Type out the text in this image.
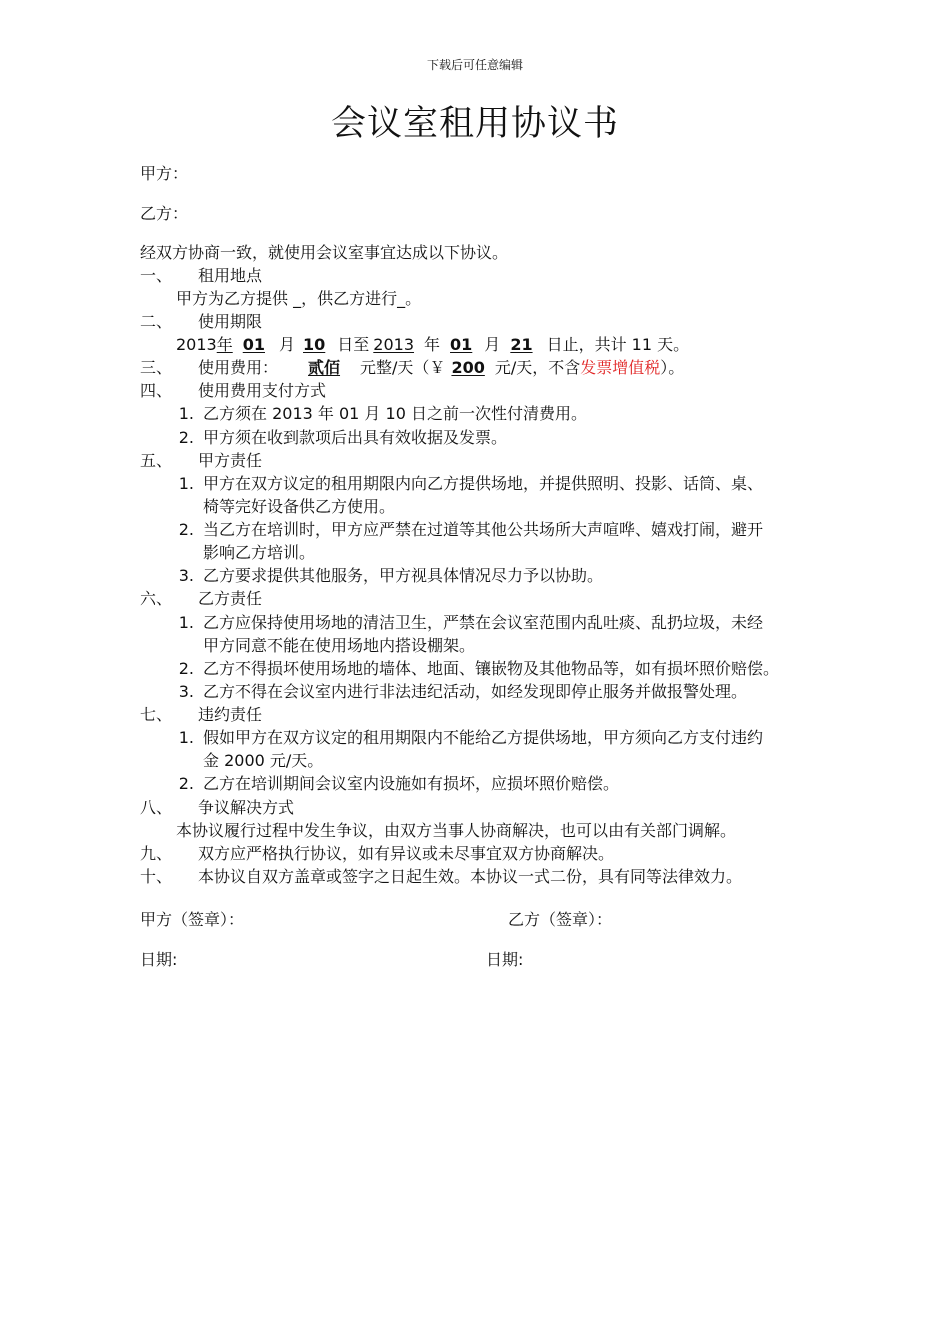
下载后可任意编辑
会议室租用协议书
甲方：
乙方：
经双方协商一致，就使用会议室事宜达成以下协议。
一、 租用地点
甲方为乙方提供 _，供乙方进行_。
二、 使用期限
2013年 01 月 10 日至 2013 年 01 月 21 日止，共计 11 天。
三、 使用费用： 贰佰 元整/天（￥ 200 元/天，不含发票增值税）。
四、 使用费用支付方式
1. 乙方须在 2013 年 01 月 10 日之前一次性付清费用。
2. 甲方须在收到款项后出具有效收据及发票。
五、 甲方责任
1. 甲方在双方议定的租用期限内向乙方提供场地，并提供照明、投影、话筒、桌、
椅等完好设备供乙方使用。
2. 当乙方在培训时，甲方应严禁在过道等其他公共场所大声喧哗、嬉戏打闹，避开
影响乙方培训。
3. 乙方要求提供其他服务，甲方视具体情况尽力予以协助。
六、 乙方责任
1. 乙方应保持使用场地的清洁卫生，严禁在会议室范围内乱吐痰、乱扔垃圾，未经
甲方同意不能在使用场地内搭设棚架。
2. 乙方不得损坏使用场地的墙体、地面、镶嵌物及其他物品等，如有损坏照价赔偿。
3. 乙方不得在会议室内进行非法违纪活动，如经发现即停止服务并做报警处理。
七、 违约责任
1. 假如甲方在双方议定的租用期限内不能给乙方提供场地，甲方须向乙方支付违约
金 2000 元/天。
2. 乙方在培训期间会议室内设施如有损坏，应损坏照价赔偿。
八、 争议解决方式
本协议履行过程中发生争议，由双方当事人协商解决，也可以由有关部门调解。
九、 双方应严格执行协议，如有异议或未尽事宜双方协商解决。
十、 本协议自双方盖章或签字之日起生效。本协议一式二份，具有同等法律效力。
甲方（签章）：	乙方（签章）：
日期:	日期:
